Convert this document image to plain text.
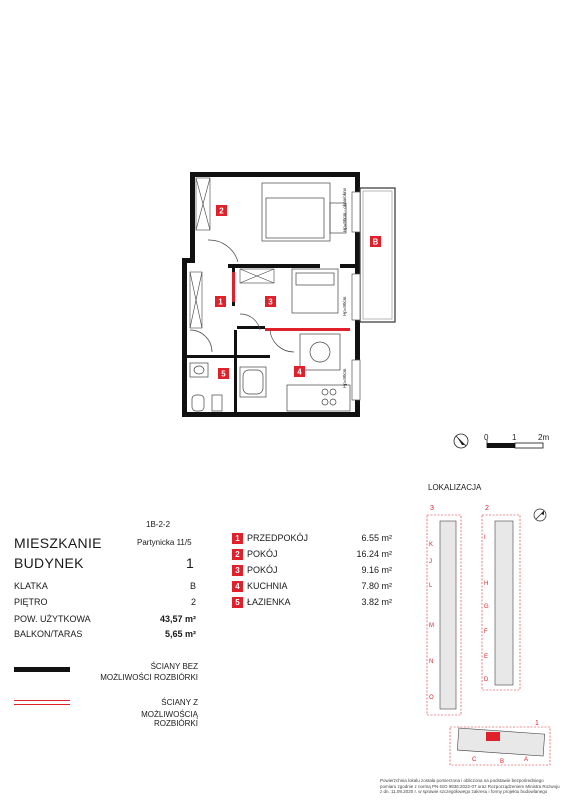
2
1	3
4
5
B
Hp=90cm - okna/okno
Hp=90cm
Hp=90cm
0	1	2m
1B-2-2
Partynicka 11/5
MIESZKANIE
BUDYNEK	1
KLATKA	B
PIĘTRO	2
POW. UŻYTKOWA	43,57 m²
BALKON/TARAS	5,65 m²
1 PRZEDPOKÓJ	6.55 m²
2 POKÓJ	16.24 m²
3 POKÓJ	9.16 m²
4 KUCHNIA	7.80 m²
5 ŁAZIENKA	3.82 m²
ŚCIANY BEZ
MOŻLIWOŚCI ROZBIÓRKI
ŚCIANY Z
MOŻLIWOŚCIĄ ROZBIÓRKI
LOKALIZACJA
3	2
1
K
J
L
M
N
O
I
H
G
F
E
D
C	B	A
Powierzchnia lokalu została pomierzona i obliczona na podstawie bezpośredniego pomiaru zgodnie z normą PN-ISO 9836:2022-07 oraz Rozporządzeniem Ministra Rozwoju z dn. 11.09.2020 r. w sprawie szczegółowego zakresu i formy projektu budowlanego
